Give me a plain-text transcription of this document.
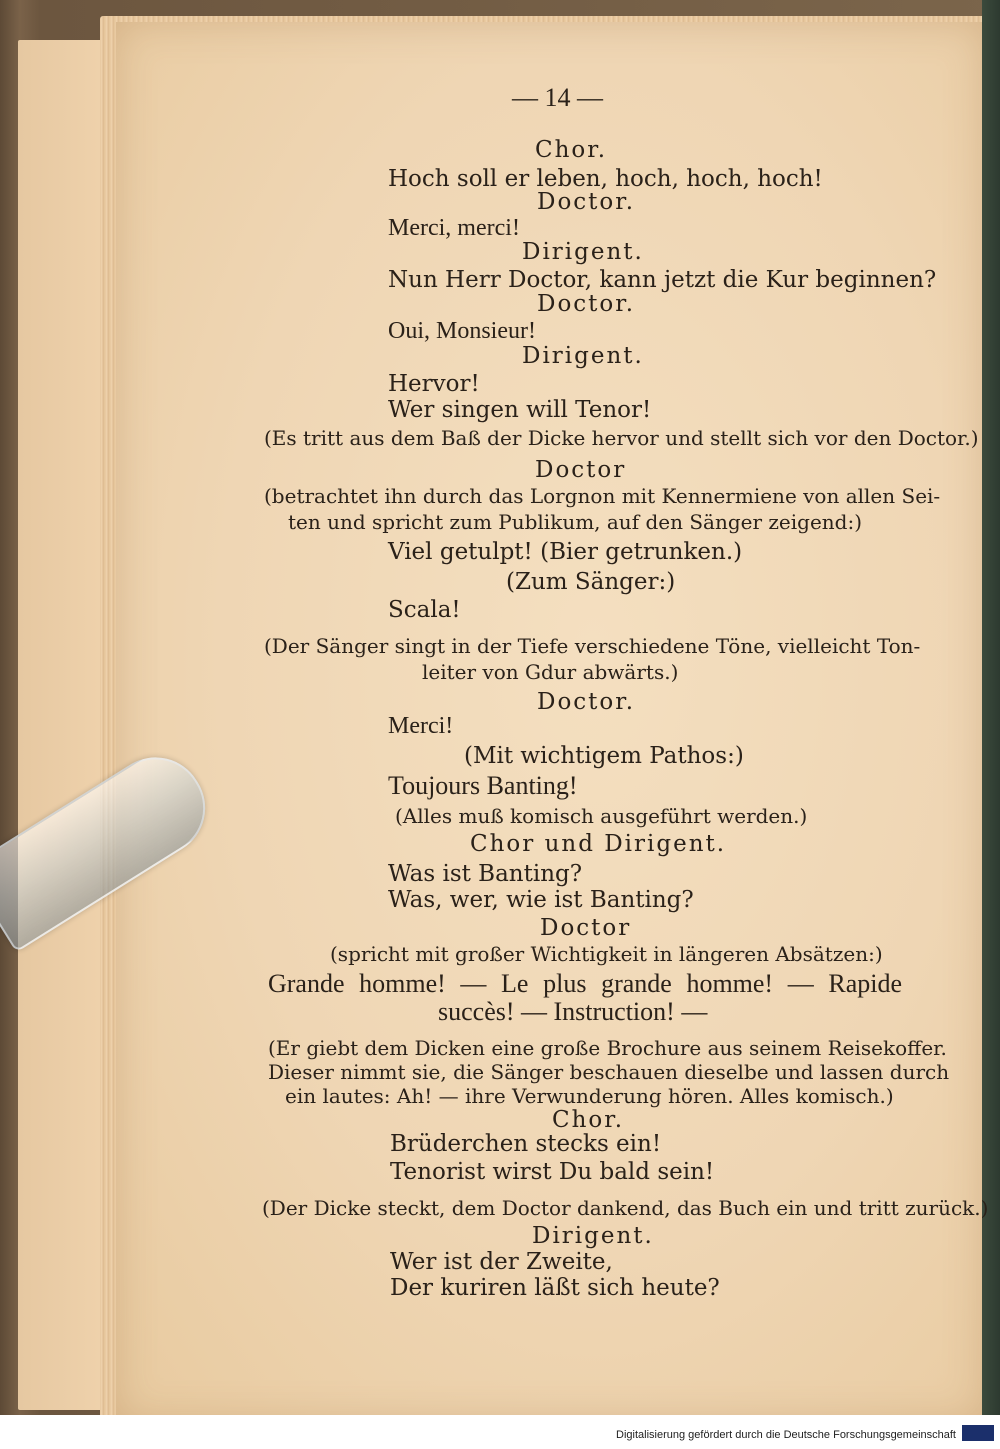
— 14 —
Chor.
Hoch soll er leben, hoch, hoch, hoch!
Doctor.
Merci, merci!
Dirigent.
Nun Herr Doctor, kann jetzt die Kur beginnen?
Doctor.
Oui, Monsieur!
Dirigent.
Hervor!
Wer singen will Tenor!
(Es tritt aus dem Baß der Dicke hervor und stellt sich vor den Doctor.)
Doctor
(betrachtet ihn durch das Lorgnon mit Kennermiene von allen Sei-
ten und spricht zum Publikum, auf den Sänger zeigend:)
Viel getulpt! (Bier getrunken.)
(Zum Sänger:)
Scala!
(Der Sänger singt in der Tiefe verschiedene Töne, vielleicht Ton-
leiter von Gdur abwärts.)
Doctor.
Merci!
(Mit wichtigem Pathos:)
Toujours Banting!
(Alles muß komisch ausgeführt werden.)
Chor und Dirigent.
Was ist Banting?
Was, wer, wie ist Banting?
Doctor
(spricht mit großer Wichtigkeit in längeren Absätzen:)
Grande homme! — Le plus grande homme! — Rapide
succès! — Instruction! —
(Er giebt dem Dicken eine große Brochure aus seinem Reisekoffer.
Dieser nimmt sie, die Sänger beschauen dieselbe und lassen durch
ein lautes: Ah! — ihre Verwunderung hören. Alles komisch.)
Chor.
Brüderchen stecks ein!
Tenorist wirst Du bald sein!
(Der Dicke steckt, dem Doctor dankend, das Buch ein und tritt zurück.)
Dirigent.
Wer ist der Zweite,
Der kuriren läßt sich heute?
Digitalisierung gefördert durch die Deutsche Forschungsgemeinschaft
